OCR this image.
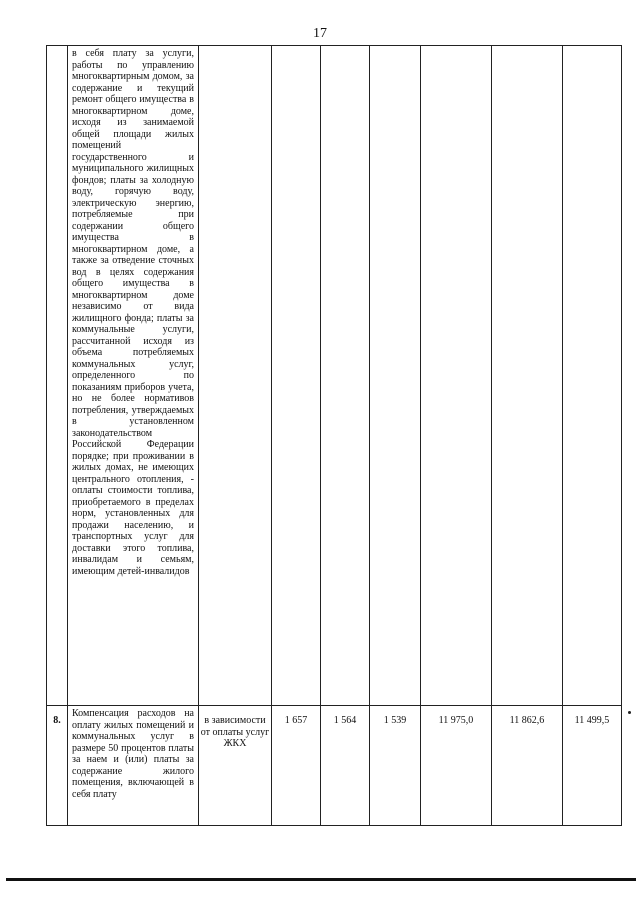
17
	в себя плату за услуги, работы по управлению многоквартирным домом, за содержание и текущий ремонт общего имущества в многоквартирном доме, исходя из занимаемой общей площади жилых помещений государственного и муниципального жилищных фондов; платы за холодную воду, горячую воду, электрическую энергию, потребляемые при содержании общего имущества в многоквартирном доме, а также за отведение сточных вод в целях содержания общего имущества в многоквартирном доме независимо от вида жилищного фонда; платы за коммунальные услуги, рассчитанной исходя из объема потребляемых коммунальных услуг, определенного по показаниям приборов учета, но не более нормативов потребления, утверждаемых в установленном законодательством Российской Федерации порядке; при проживании в жилых домах, не имеющих центрального отопления, - оплаты стоимости топлива, приобретаемого в пределах норм, установленных для продажи населению, и транспортных услуг для доставки этого топлива, инвалидам и семьям, имеющим детей-инвалидов							
8.	Компенсация расходов на оплату жилых помещений и коммунальных услуг в размере 50 процентов платы за наем и (или) платы за содержание жилого помещения, включающей в себя плату	в зависимости от оплаты услуг ЖКХ	1 657	1 564	1 539	11 975,0	11 862,6	11 499,5
